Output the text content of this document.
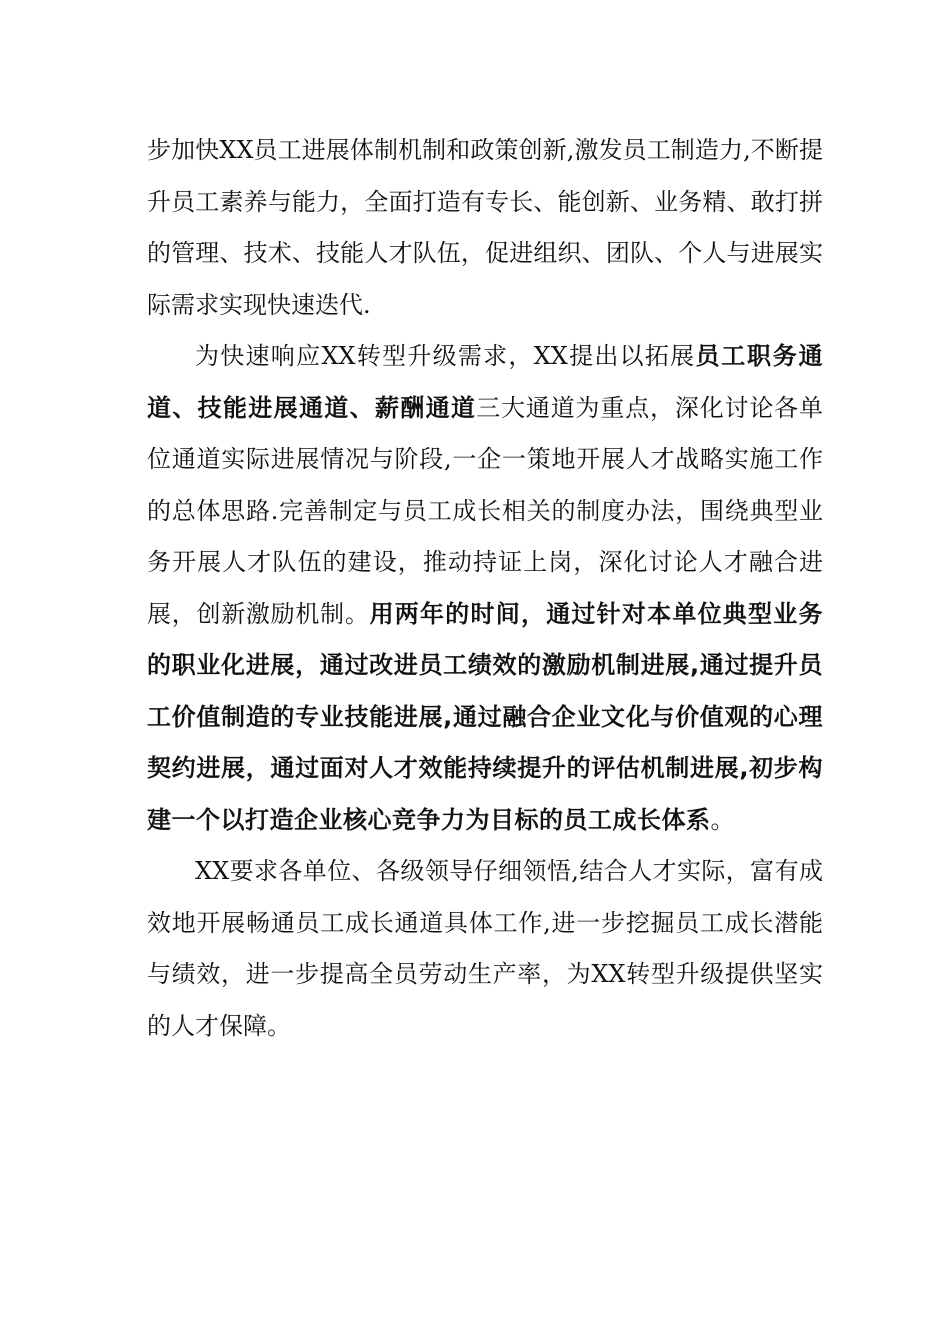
步加快XX员工进展体制机制和政策创新,激发员工制造力,不断提升员工素养与能力，全面打造有专长、能创新、业务精、敢打拼的管理、技术、技能人才队伍，促进组织、团队、个人与进展实际需求实现快速迭代.

为快速响应XX转型升级需求，XX提出以拓展员工职务通道、技能进展通道、薪酬通道三大通道为重点，深化讨论各单位通道实际进展情况与阶段,一企一策地开展人才战略实施工作的总体思路.完善制定与员工成长相关的制度办法，围绕典型业务开展人才队伍的建设，推动持证上岗，深化讨论人才融合进展，创新激励机制。用两年的时间，通过针对本单位典型业务的职业化进展，通过改进员工绩效的激励机制进展,通过提升员工价值制造的专业技能进展,通过融合企业文化与价值观的心理契约进展，通过面对人才效能持续提升的评估机制进展,初步构建一个以打造企业核心竞争力为目标的员工成长体系。

XX要求各单位、各级领导仔细领悟,结合人才实际，富有成效地开展畅通员工成长通道具体工作,进一步挖掘员工成长潜能与绩效，进一步提高全员劳动生产率，为XX转型升级提供坚实的人才保障。
